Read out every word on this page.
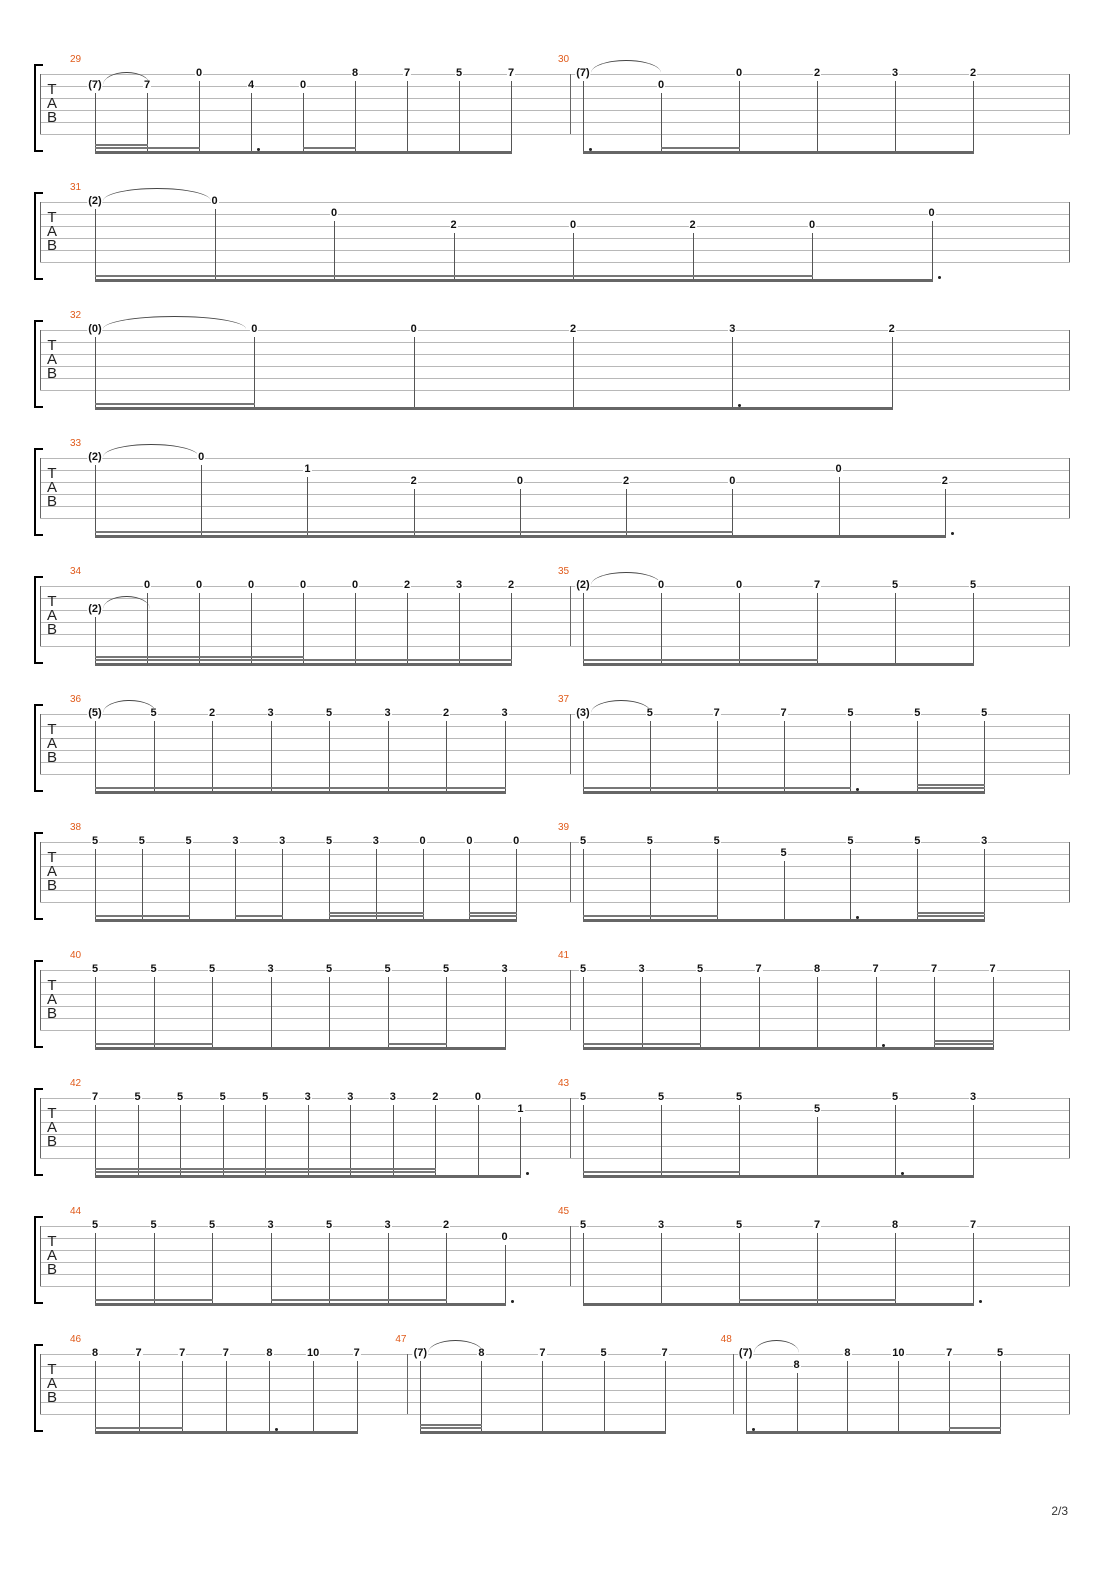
T
A
B
29
(7)	7
0
4	0
8	7	5	7
30
(7)
0
0	2	3	2
T
A
B
31
(2)	0
0
2	0	2	0
0
T
A
B
32
(0)	0	0	2	3	2
T
A
B
33
(2)	0
1
2	0	2	0
0
2
T
A
B
34
(2)
0	0	0	0	0	2	3	2
35
(2)	0	0	7	5	5
T
A
B
36
(5)	5	2	3	5	3	2	3
37
(3)	5	7	7	5	5	5
T
A
B
38
5	5	5	3	3	5	3	0	0	0
39
5	5	5
5
5	5	3
T
A
B
40
5	5	5	3	5	5	5	3
41
5	3	5	7	8	7	7	7
T
A
B
42
7	5	5	5	5	3	3	3	2	0
1
43
5	5	5
5
5	3
T
A
B
44
5	5	5	3	5	3	2
0
45
5	3	5	7	8	7
T
A
B
46
8	7	7	7	8	10	7
47
(7)	8	7	5	7
48
(7)
8
8	10	7	5
2/3
